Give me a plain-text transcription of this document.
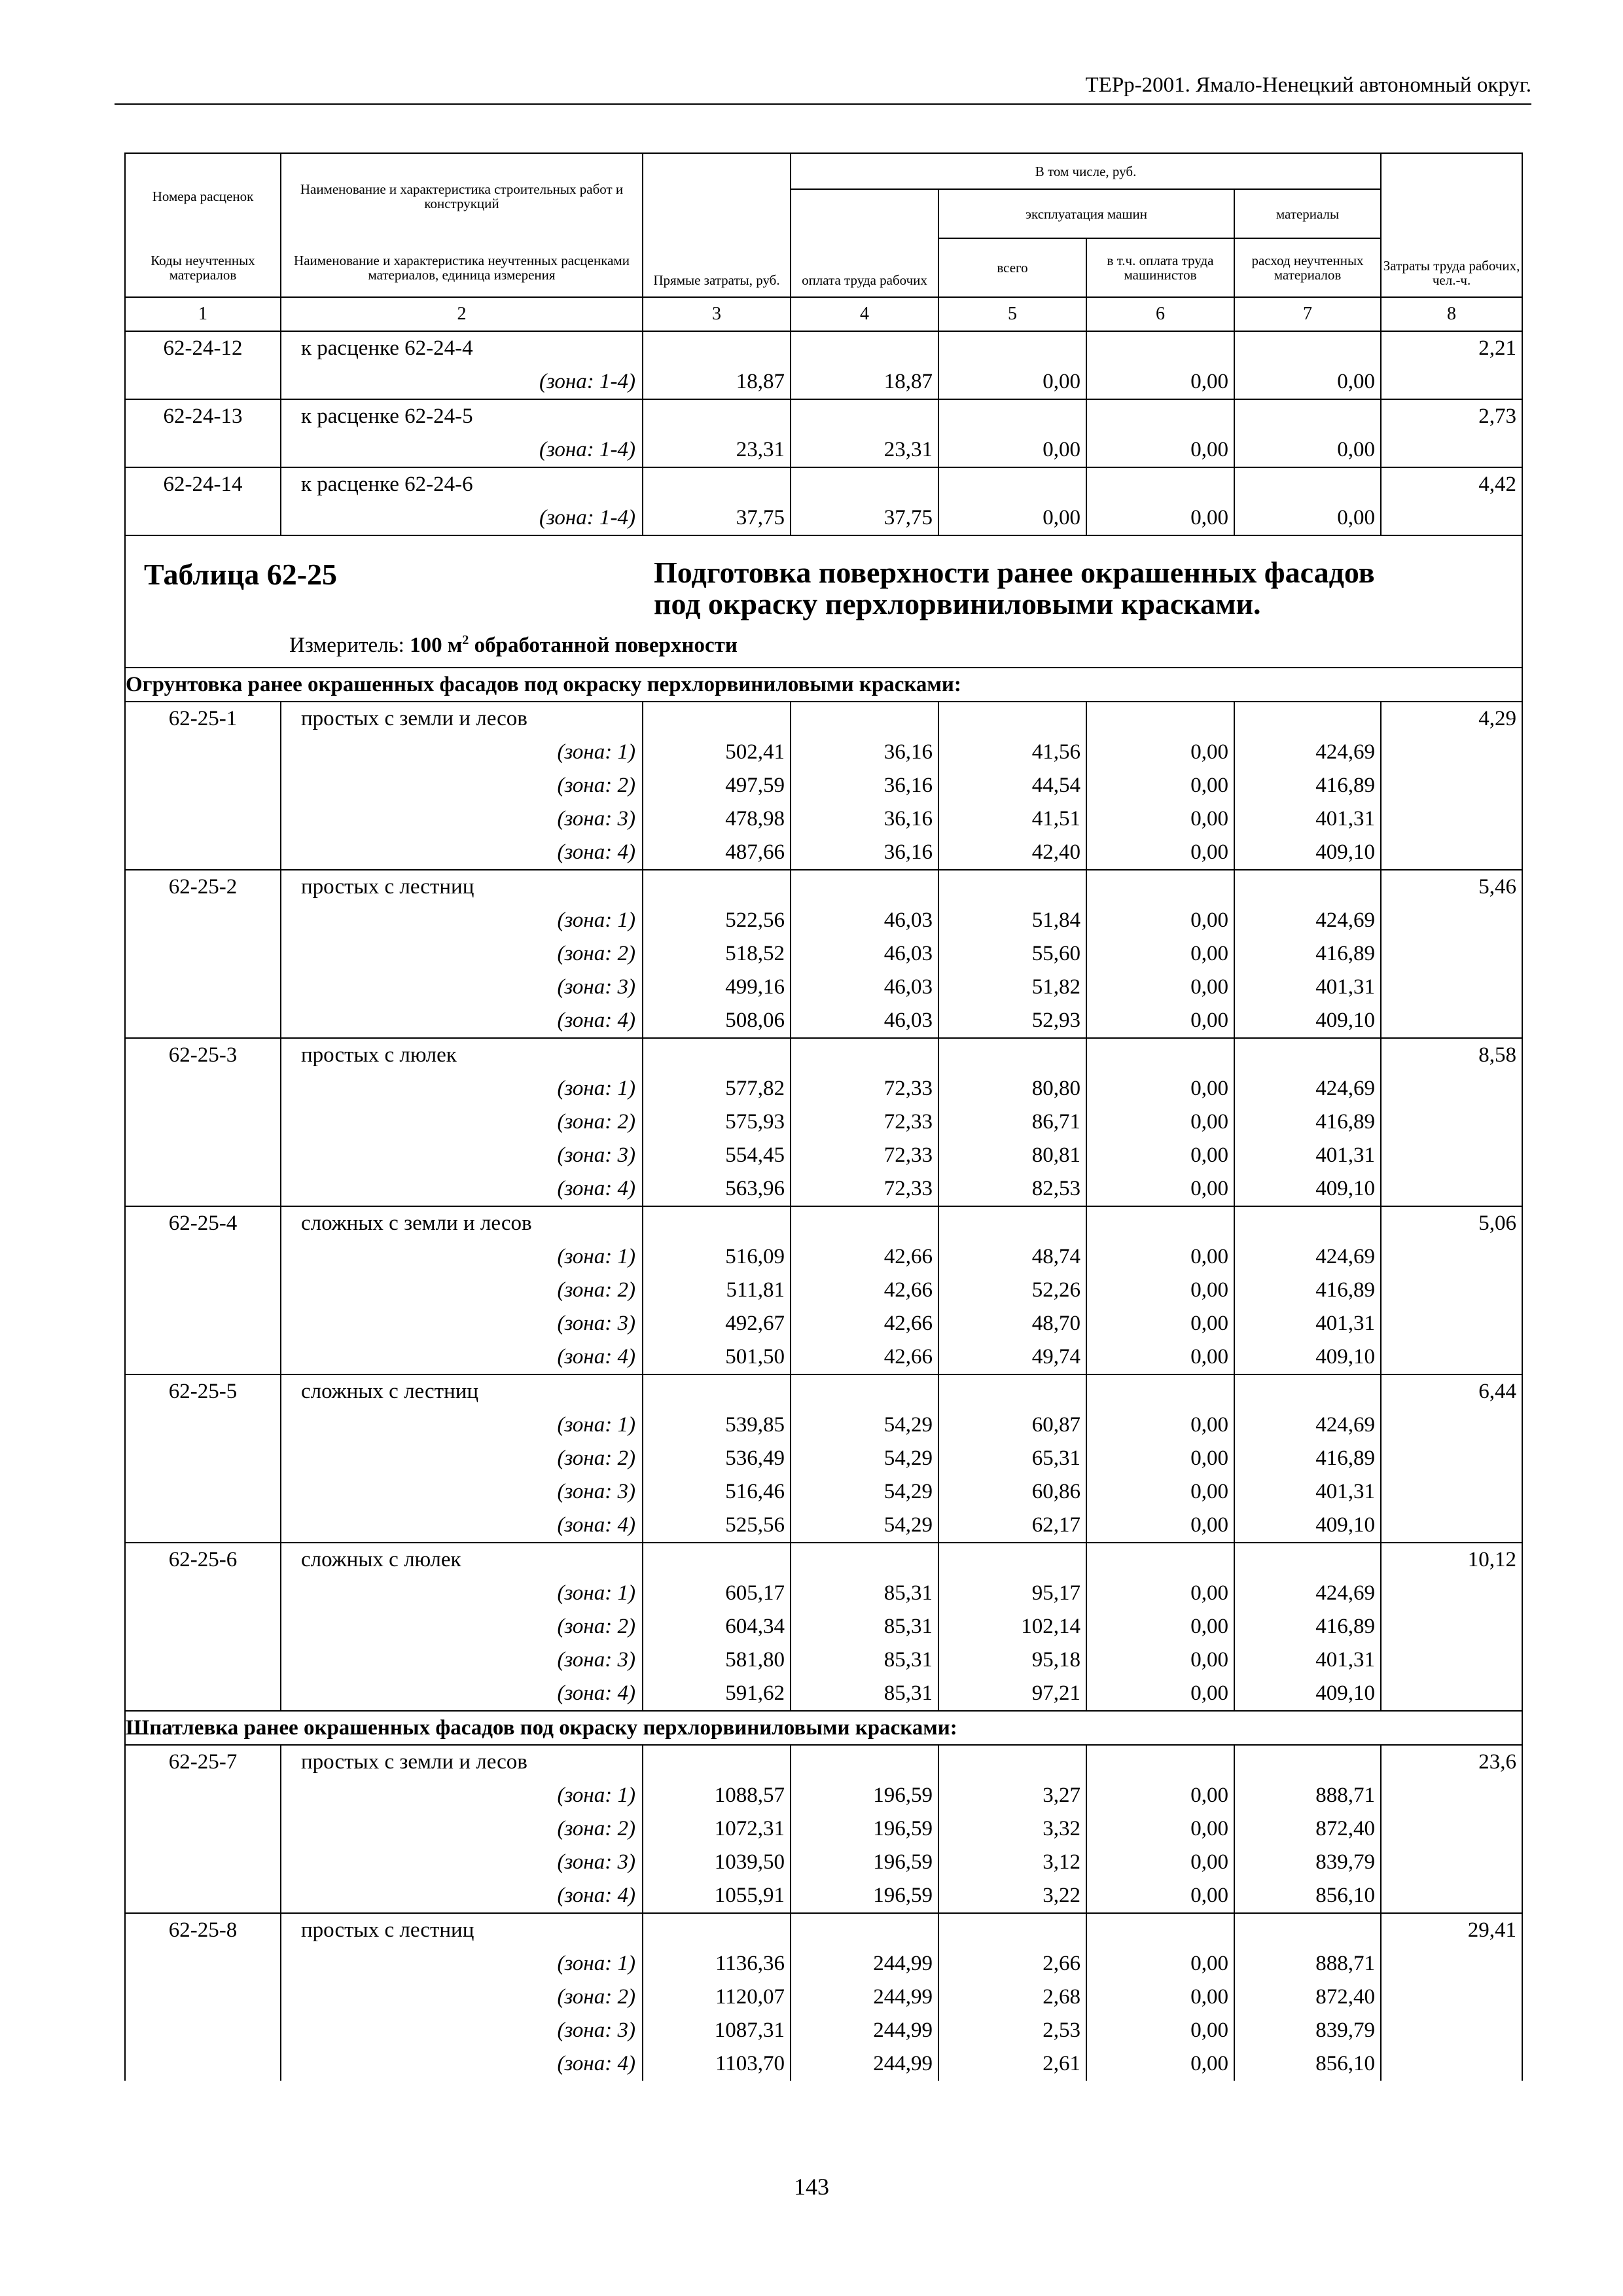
ТЕРр-2001. Ямало-Ненецкий автономный округ.
Номера расценок	Наименование и характеристика строительных работ и конструкций	Прямые затраты, руб.	В том числе, руб.				Затраты труда рабочих, чел.-ч.
			оплата труда рабочих	эксплуатация машин		материалы	
Коды неучтенных материалов	Наименование и характеристика неучтенных расценками материалов, единица измерения			всего	в т.ч. оплата труда машинистов	расход неучтенных материалов	
1	2	3	4	5	6	7	8
62-24-12	к расценке 62-24-4						2,21
	(зона: 1-4)	18,87	18,87	0,00	0,00	0,00	
62-24-13	к расценке 62-24-5						2,73
	(зона: 1-4)	23,31	23,31	0,00	0,00	0,00	
62-24-14	к расценке 62-24-6						4,42
	(зона: 1-4)	37,75	37,75	0,00	0,00	0,00	

Таблица 62-25 Подготовка поверхности ранее окрашенных фасадов
под окраску перхлорвиниловыми красками.
Измеритель: 100 $м^2$ обработанной поверхности							

Огрунтовка ранее окрашенных фасадов под окраску перхлорвиниловыми красками:							
62-25-1	простых с земли и лесов						4,29
	(зона: 1)	502,41	36,16	41,56	0,00	424,69	
	(зона: 2)	497,59	36,16	44,54	0,00	416,89	
	(зона: 3)	478,98	36,16	41,51	0,00	401,31	
	(зона: 4)	487,66	36,16	42,40	0,00	409,10	
62-25-2	простых с лестниц						5,46
	(зона: 1)	522,56	46,03	51,84	0,00	424,69	
	(зона: 2)	518,52	46,03	55,60	0,00	416,89	
	(зона: 3)	499,16	46,03	51,82	0,00	401,31	
	(зона: 4)	508,06	46,03	52,93	0,00	409,10	
62-25-3	простых с люлек						8,58
	(зона: 1)	577,82	72,33	80,80	0,00	424,69	
	(зона: 2)	575,93	72,33	86,71	0,00	416,89	
	(зона: 3)	554,45	72,33	80,81	0,00	401,31	
	(зона: 4)	563,96	72,33	82,53	0,00	409,10	
62-25-4	сложных с земли и лесов						5,06
	(зона: 1)	516,09	42,66	48,74	0,00	424,69	
	(зона: 2)	511,81	42,66	52,26	0,00	416,89	
	(зона: 3)	492,67	42,66	48,70	0,00	401,31	
	(зона: 4)	501,50	42,66	49,74	0,00	409,10	
62-25-5	сложных с лестниц						6,44
	(зона: 1)	539,85	54,29	60,87	0,00	424,69	
	(зона: 2)	536,49	54,29	65,31	0,00	416,89	
	(зона: 3)	516,46	54,29	60,86	0,00	401,31	
	(зона: 4)	525,56	54,29	62,17	0,00	409,10	
62-25-6	сложных с люлек						10,12
	(зона: 1)	605,17	85,31	95,17	0,00	424,69	
	(зона: 2)	604,34	85,31	102,14	0,00	416,89	
	(зона: 3)	581,80	85,31	95,18	0,00	401,31	
	(зона: 4)	591,62	85,31	97,21	0,00	409,10	
Шпатлевка ранее окрашенных фасадов под окраску перхлорвиниловыми красками:							
62-25-7	простых с земли и лесов						23,6
	(зона: 1)	1088,57	196,59	3,27	0,00	888,71	
	(зона: 2)	1072,31	196,59	3,32	0,00	872,40	
	(зона: 3)	1039,50	196,59	3,12	0,00	839,79	
	(зона: 4)	1055,91	196,59	3,22	0,00	856,10	
62-25-8	простых с лестниц						29,41
	(зона: 1)	1136,36	244,99	2,66	0,00	888,71	
	(зона: 2)	1120,07	244,99	2,68	0,00	872,40	
	(зона: 3)	1087,31	244,99	2,53	0,00	839,79	
	(зона: 4)	1103,70	244,99	2,61	0,00	856,10	
143
